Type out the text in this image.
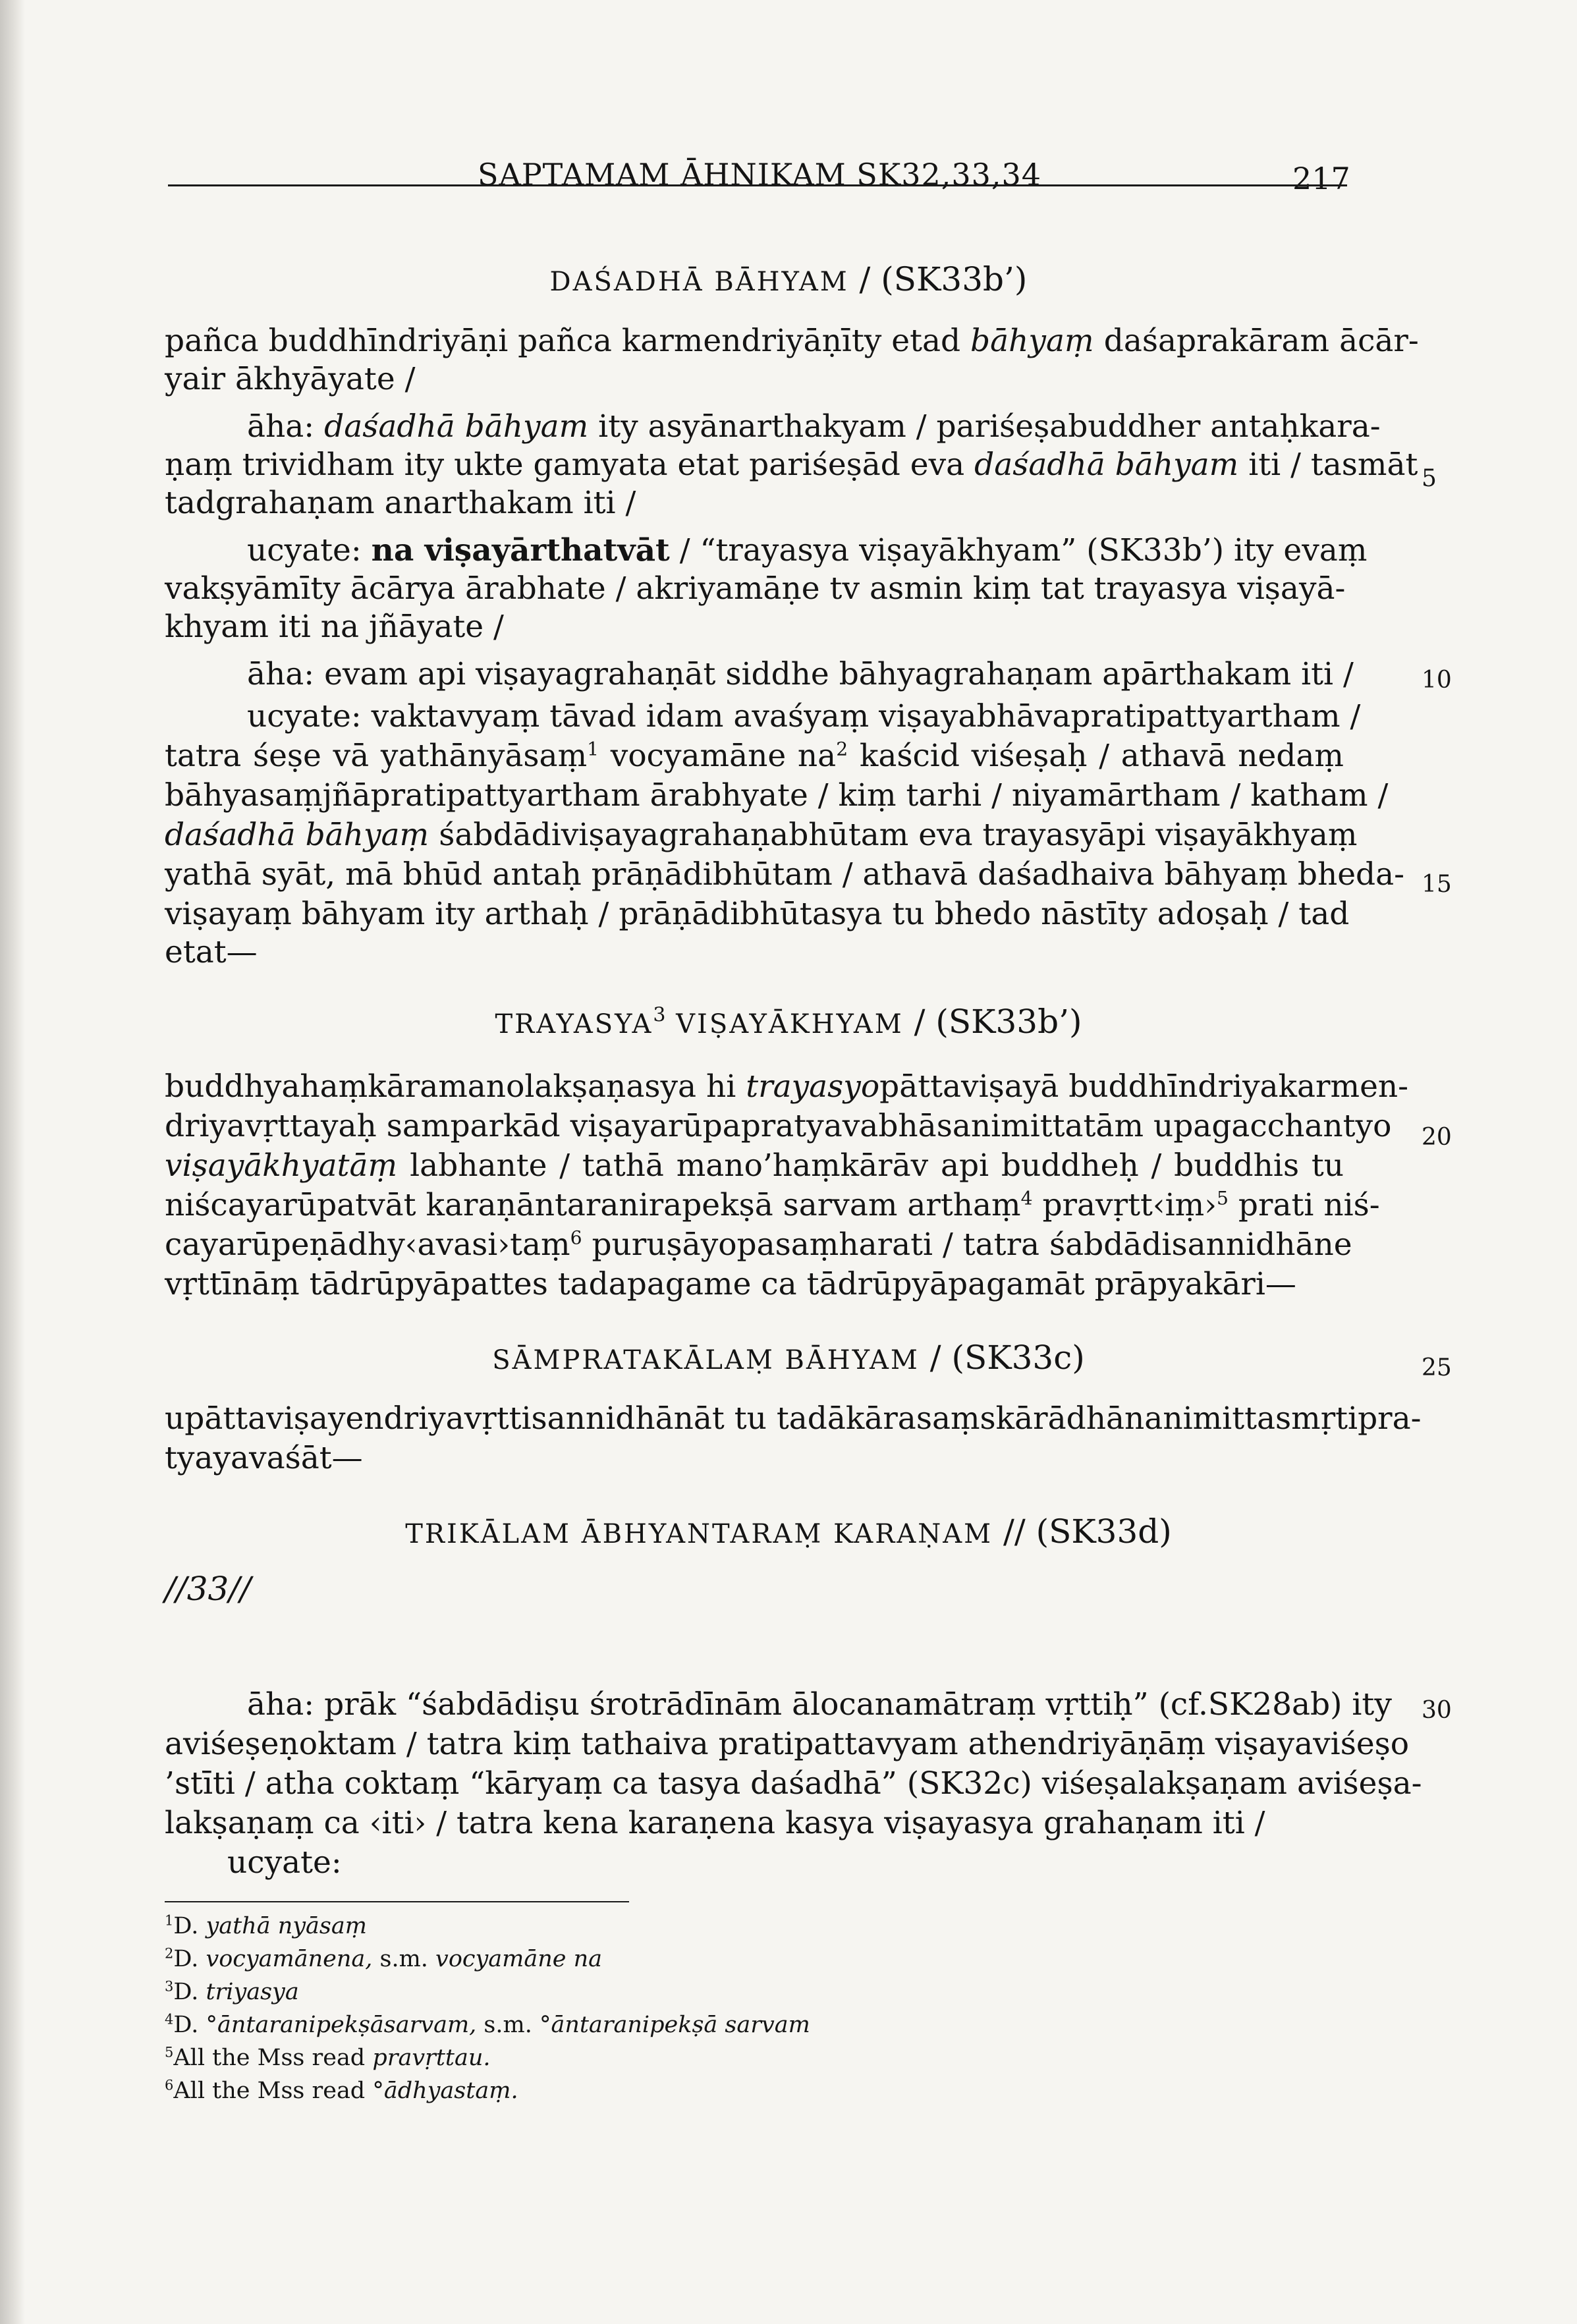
SAPTAMAM ĀHNIKAM SK32,33,34	217
DAŚADHĀ BĀHYAM / (SK33b’)
pañca buddhīndriyāṇi pañca karmendriyāṇīty etad bāhyaṃ daśaprakāram ācār-
yair ākhyāyate /
āha: daśadhā bāhyam ity asyānarthakyam / pariśeṣabuddher antaḥkara-
ṇaṃ trividham ity ukte gamyata etat pariśeṣād eva daśadhā bāhyam iti / tasmāt
tadgrahaṇam anarthakam iti /
ucyate: na viṣayārthatvāt / “trayasya viṣayākhyam” (SK33b’) ity evaṃ
vakṣyāmīty ācārya ārabhate / akriyamāṇe tv asmin kiṃ tat trayasya viṣayā-
khyam iti na jñāyate /
āha: evam api viṣayagrahaṇāt siddhe bāhyagrahaṇam apārthakam iti /
ucyate: vaktavyaṃ tāvad idam avaśyaṃ viṣayabhāvapratipattyartham /
tatra śeṣe vā yathānyāsaṃ$^1$ vocyamāne $na^2$ kaścid viśeṣaḥ / athavā nedaṃ
bāhyasaṃjñāpratipattyartham ārabhyate / kiṃ tarhi / niyamārtham / katham /
daśadhā bāhyaṃ śabdādiviṣayagrahaṇabhūtam eva trayasyāpi viṣayākhyaṃ
yathā syāt, mā bhūd antaḥ prāṇādibhūtam / athavā daśadhaiva bāhyaṃ bheda-
viṣayaṃ bāhyam ity arthaḥ / prāṇādibhūtasya tu bhedo nāstīty adoṣaḥ / tad
etat—
TRAYASYA$^3$ VIṢAYĀKHYAM / (SK33b’)
buddhyahaṃkāramanolakṣaṇasya hi trayasyopāttaviṣayā buddhīndriyakarmen-
driyavṛttayaḥ samparkād viṣayarūpapratyavabhāsanimittatām upagacchantyo
viṣayākhyatāṃ labhante / tathā mano’haṃkārāv api buddheḥ / buddhis tu
niścayarūpatvāt karaṇāntaranirapekṣā sarvam arthaṃ$^4$ pravṛtt‹iṃ›$^5$ prati niś-
cayarūpeṇādhy‹avasi›taṃ$^6$ puruṣāyopasaṃharati / tatra śabdādisannidhāne
vṛttīnāṃ tādrūpyāpattes tadapagame ca tādrūpyāpagamāt prāpyakāri—
SĀMPRATAKĀLAṂ BĀHYAM / (SK33c)
upāttaviṣayendriyavṛttisannidhānāt tu tadākārasaṃskārādhānanimittasmṛtipra-
tyayavaśāt—
TRIKĀLAM ĀBHYANTARAṂ KARAṆAM // (SK33d)
//33//
āha: prāk “śabdādiṣu śrotrādīnām ālocanamātraṃ vṛttiḥ” (cf.SK28ab) ity
aviśeṣeṇoktam / tatra kiṃ tathaiva pratipattavyam athendriyāṇāṃ viṣayaviśeṣo
’stīti / atha coktaṃ “kāryaṃ ca tasya daśadhā” (SK32c) viśeṣalakṣaṇam aviśeṣa-
lakṣaṇaṃ ca ‹iti› / tatra kena karaṇena kasya viṣayasya grahaṇam iti /
ucyate:
5
10
15
20
25
30
$^1$D. yathā nyāsaṃ
$^2$D. vocyamānena, s.m. vocyamāne na
$^3$D. triyasya
$^4$D. °āntaranipekṣāsarvam, s.m. °āntaranipekṣā sarvam
$^5$All the Mss read pravṛttau.
$^6$All the Mss read °ādhyastaṃ.
